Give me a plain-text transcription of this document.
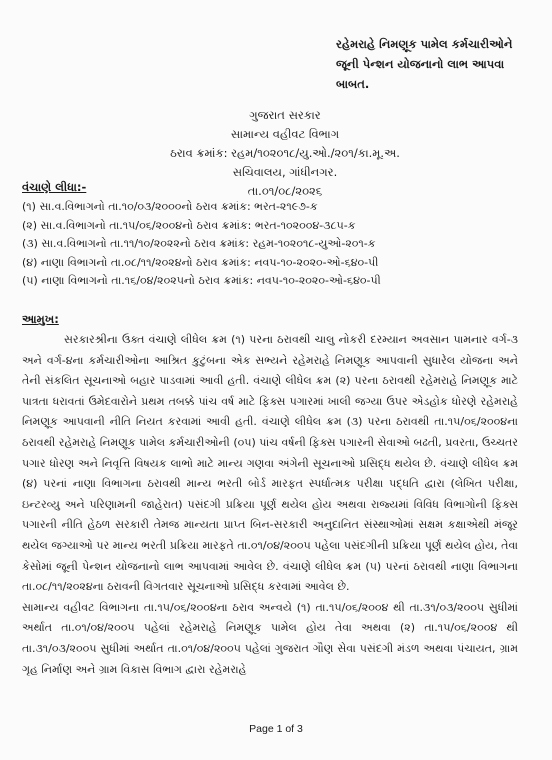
રહેમરાહે નિમણૂક પામેલ કર્મચારીઓને
જૂની પેન્શન યોજનાનો લાભ આપવા
બાબત.
ગુજરાત સરકાર
સામાન્ય વહીવટ વિભાગ
ઠરાવ ક્રમાંક: રહમ/૧૦૨૦૧૮/યુ.ઓ./૨૦૧/કા.મૂ.અ.
સચિવાલય, ગાંધીનગર.
તા.૦૧/૦૮/૨૦૨૬
વંચાણે લીધા:-
(૧) સા.વ.વિભાગનો તા.૧૦/૦૩/૨૦૦૦નો ઠરાવ ક્રમાંક: ભરત-૨૧૯૭-ક
(૨) સા.વ.વિભાગનો તા.૧૫/૦૬/૨૦૦૪નો ઠરાવ ક્રમાંક: ભરત-૧૦૨૦૦૪-૩૮૫-ક
(૩) સા.વ.વિભાગનો તા.૧૧/૧૦/૨૦૨૨નો ઠરાવ ક્રમાંક: રહમ-૧૦૨૦૧૮-યુઓ-૨૦૧-ક
(૪) નાણા વિભાગનો તા.૦૮/૧૧/૨૦૨૪નો ઠરાવ ક્રમાંક: નવપ-૧૦-૨૦૨૦-ઓ-૬૪૦-પી
(૫) નાણા વિભાગનો તા.૧૬/૦૪/૨૦૨૫નો ઠરાવ ક્રમાંક: નવપ-૧૦-૨૦૨૦-ઓ-૬૪૦-પી
આમુખ:

સરકારશ્રીના ઉક્ત વંચાણે લીધેલ ક્રમ (૧) પરના ઠરાવથી ચાલુ નોકરી દરમ્યાન અવસાન પામનાર વર્ગ-૩ અને વર્ગ-૪ના કર્મચારીઓના આશ્રિત કુટુંબના એક સભ્યને રહેમરાહે નિમણૂક આપવાની સુધારેલ યોજના અને તેની સંકલિત સૂચનાઓ બહાર પાડવામાં આવી હતી. વંચાણે લીધેલ ક્રમ (૨) પરના ઠરાવથી રહેમરાહે નિમણૂક માટે પાત્રતા ધરાવતાં ઉમેદવારોને પ્રથમ તબક્કે પાંચ વર્ષ માટે ફિક્સ પગારમાં ખાલી જગ્યા ઉપર એડહોક ધોરણે રહેમરાહે નિમણૂક આપવાની નીતિ નિયત કરવામાં આવી હતી. વંચાણે લીધેલ ક્રમ (૩) પરના ઠરાવથી તા.૧૫/૦૬/૨૦૦૪ના ઠરાવથી રહેમરાહે નિમણૂક પામેલ કર્મચારીઓની (૦૫) પાંચ વર્ષની ફિક્સ પગારની સેવાઓ બઢતી, પ્રવરતા, ઉચ્ચતર પગાર ધોરણ અને નિવૃત્તિ વિષયક લાભો માટે માન્ય ગણવા અંગેની સૂચનાઓ પ્રસિદ્ધ થયેલ છે. વંચાણે લીધેલ ક્રમ (૪) પરનાં નાણા વિભાગના ઠરાવથી માન્ય ભરતી બોર્ડ મારફત સ્પર્ધાત્મક પરીક્ષા પદ્ધતિ દ્વારા (લેખિત પરીક્ષા, ઇન્ટરવ્યુ અને પરિણામની જાહેરાત) પસંદગી પ્રક્રિયા પૂર્ણ થયેલ હોય અથવા રાજ્યમાં વિવિધ વિભાગોની ફિક્સ પગારની નીતિ હેઠળ સરકારી તેમજ માન્યતા પ્રાપ્ત બિન-સરકારી અનુદાનિત સંસ્થાઓમાં સક્ષમ કક્ષાએથી મંજૂર થયેલ જગ્યાઓ પર માન્ય ભરતી પ્રક્રિયા મારફતે તા.૦૧/૦૪/૨૦૦૫ પહેલા પસંદગીની પ્રક્રિયા પૂર્ણ થયેલ હોય, તેવા કેસોમાં જૂની પેન્શન યોજનાનો લાભ આપવામાં આવેલ છે. વંચાણે લીધેલ ક્રમ (૫) પરનાં ઠરાવથી નાણા વિભાગના તા.૦૮/૧૧/૨૦૨૪ના ઠરાવની વિગતવાર સૂચનાઓ પ્રસિદ્ધ કરવામાં આવેલ છે.

સામાન્ય વહીવટ વિભાગના તા.૧૫/૦૬/૨૦૦૪ના ઠરાવ અન્વયે (૧) તા.૧૫/૦૬/૨૦૦૪ થી તા.૩૧/૦૩/૨૦૦૫ સુધીમાં અર્થાત તા.૦૧/૦૪/૨૦૦૫ પહેલાં રહેમરાહે નિમણૂક પામેલ હોય તેવા અથવા (૨) તા.૧૫/૦૬/૨૦૦૪ થી તા.૩૧/૦૩/૨૦૦૫ સુધીમાં અર્થાત તા.૦૧/૦૪/૨૦૦૫ પહેલાં ગુજરાત ગૌણ સેવા પસંદગી મંડળ અથવા પંચાયત, ગ્રામ ગૃહ નિર્માણ અને ગ્રામ વિકાસ વિભાગ દ્વારા રહેમરાહે

Page 1 of 3
